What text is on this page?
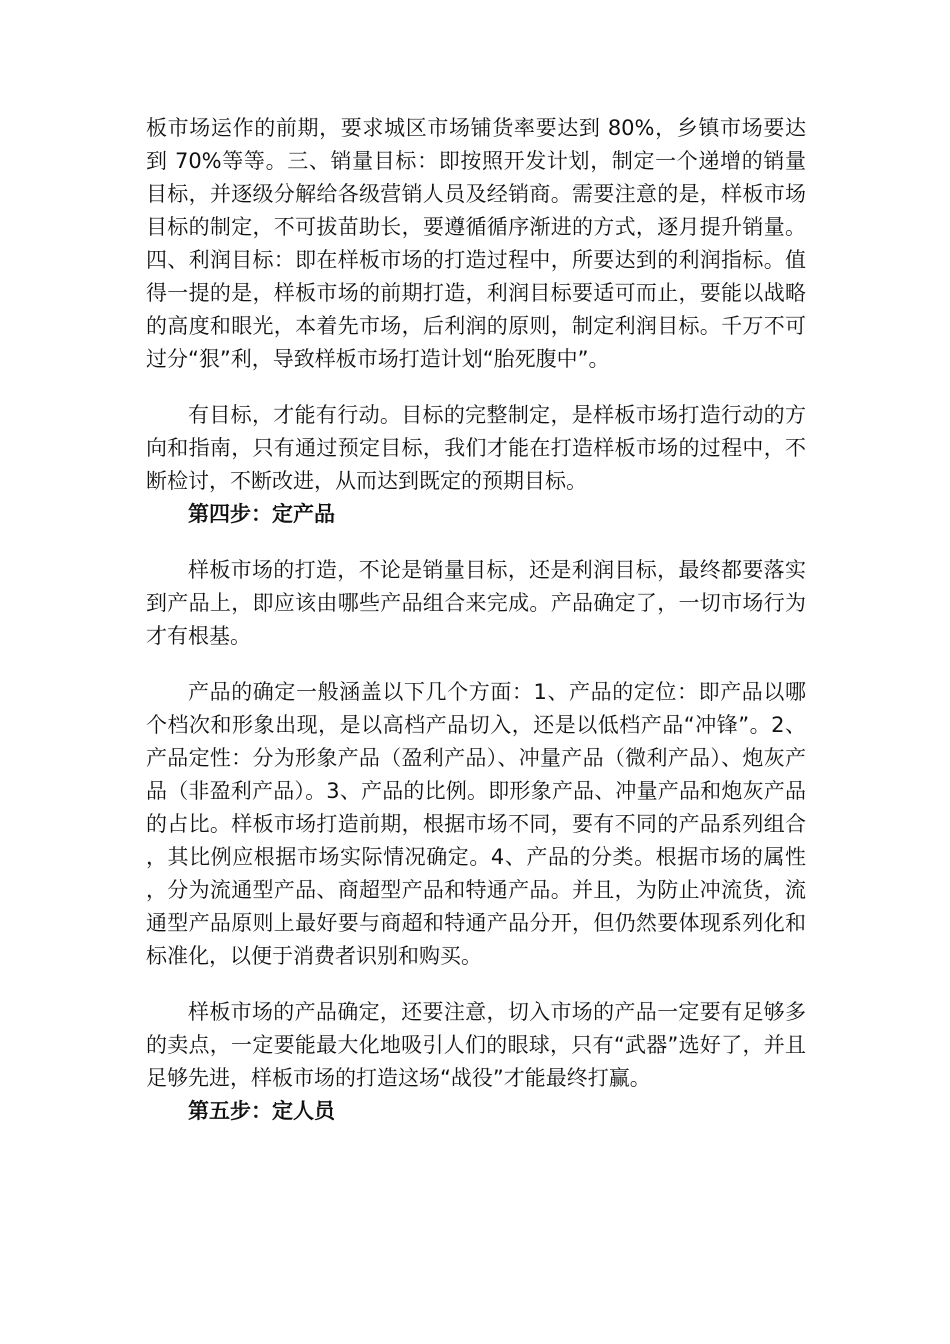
板市场运作的前期，要求城区市场铺货率要达到 80%，乡镇市场要达到 70%等等。三、销量目标：即按照开发计划，制定一个递增的销量目标，并逐级分解给各级营销人员及经销商。需要注意的是，样板市场目标的制定，不可拔苗助长，要遵循循序渐进的方式，逐月提升销量。四、利润目标：即在样板市场的打造过程中，所要达到的利润指标。值得一提的是，样板市场的前期打造，利润目标要适可而止，要能以战略的高度和眼光，本着先市场，后利润的原则，制定利润目标。千万不可过分“狠”利，导致样板市场打造计划“胎死腹中”。

有目标，才能有行动。目标的完整制定，是样板市场打造行动的方向和指南，只有通过预定目标，我们才能在打造样板市场的过程中，不断检讨，不断改进，从而达到既定的预期目标。

第四步：定产品

样板市场的打造，不论是销量目标，还是利润目标，最终都要落实到产品上，即应该由哪些产品组合来完成。产品确定了，一切市场行为才有根基。

产品的确定一般涵盖以下几个方面：1、产品的定位：即产品以哪个档次和形象出现，是以高档产品切入，还是以低档产品“冲锋”。2、产品定性：分为形象产品（盈利产品）、冲量产品（微利产品）、炮灰产品（非盈利产品）。3、产品的比例。即形象产品、冲量产品和炮灰产品的占比。样板市场打造前期，根据市场不同，要有不同的产品系列组合，其比例应根据市场实际情况确定。4、产品的分类。根据市场的属性，分为流通型产品、商超型产品和特通产品。并且，为防止冲流货，流通型产品原则上最好要与商超和特通产品分开，但仍然要体现系列化和标准化，以便于消费者识别和购买。

样板市场的产品确定，还要注意，切入市场的产品一定要有足够多的卖点，一定要能最大化地吸引人们的眼球，只有“武器”选好了，并且足够先进，样板市场的打造这场“战役”才能最终打赢。

第五步：定人员
